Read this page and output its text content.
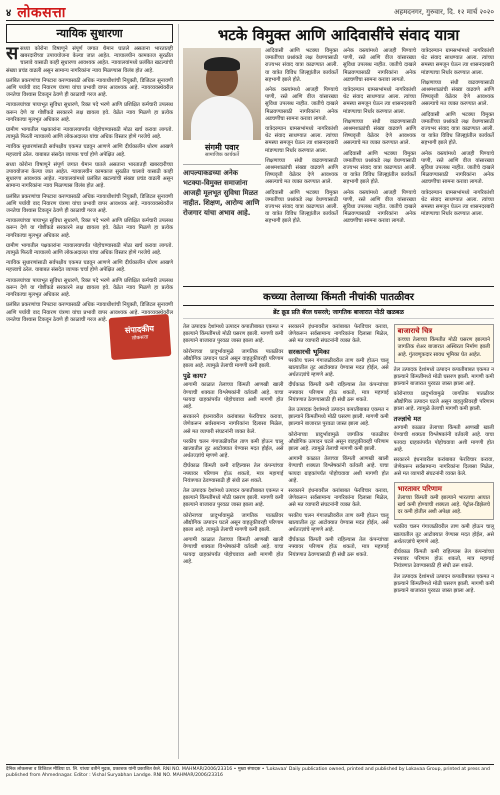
४ लोकसत्ता	अहमदनगर, गुरुवार, दि. १२ मार्च २०२०
न्यायिक सुधारणा

ससध्या कोरोना विषाणूने संपूर्ण जगात थैमान घातले असताना भारतातही खबरदारीच्या उपाययोजना केल्या जात आहेत. न्यायालयीन कामकाज सुरळीत चालावे यासाठी काही सुधारणा आवश्यक आहेत. न्यायालयांमध्ये प्रलंबित खटल्यांची संख्या प्रचंड वाढली असून सामान्य नागरिकांना न्याय मिळण्यास विलंब होत आहे.

प्रलंबित प्रकरणांचा निपटारा करण्यासाठी अधिक न्यायाधीशांची नियुक्ती, डिजिटल सुनावणी आणि पर्यायी वाद निवारण यंत्रणा यांचा प्रभावी वापर आवश्यक आहे. न्यायव्यवस्थेवरील जनतेचा विश्वास टिकवून ठेवणे ही काळाची गरज आहे.

न्यायालयांच्या पायाभूत सुविधा सुधारणे, रिक्त पदे भरणे आणि प्रशिक्षित कर्मचारी उपलब्ध करून देणे या गोष्टींकडे सरकारने लक्ष द्यायला हवे. वेळेत न्याय मिळणे हा प्रत्येक नागरिकाचा मूलभूत अधिकार आहे.

ग्रामीण भागातील पक्षकारांना न्यायालयापर्यंत पोहोचण्यासाठी मोठा खर्च करावा लागतो. त्यामुळे फिरती न्यायालये आणि लोकअदालत यांचा अधिक विस्तार होणे गरजेचे आहे.

न्यायिक सुधारणांसाठी सर्वपक्षीय एकमत घडवून आणणे आणि दीर्घकालीन धोरण आखणे महत्त्वाचे ठरेल. याबाबत संसदेत व्यापक चर्चा होणे अपेक्षित आहे.

सध्या कोरोना विषाणूने संपूर्ण जगात थैमान घातले असताना भारतातही खबरदारीच्या उपाययोजना केल्या जात आहेत. न्यायालयीन कामकाज सुरळीत चालावे यासाठी काही सुधारणा आवश्यक आहेत. न्यायालयांमध्ये प्रलंबित खटल्यांची संख्या प्रचंड वाढली असून सामान्य नागरिकांना न्याय मिळण्यास विलंब होत आहे.

प्रलंबित प्रकरणांचा निपटारा करण्यासाठी अधिक न्यायाधीशांची नियुक्ती, डिजिटल सुनावणी आणि पर्यायी वाद निवारण यंत्रणा यांचा प्रभावी वापर आवश्यक आहे. न्यायव्यवस्थेवरील जनतेचा विश्वास टिकवून ठेवणे ही काळाची गरज आहे.

न्यायालयांच्या पायाभूत सुविधा सुधारणे, रिक्त पदे भरणे आणि प्रशिक्षित कर्मचारी उपलब्ध करून देणे या गोष्टींकडे सरकारने लक्ष द्यायला हवे. वेळेत न्याय मिळणे हा प्रत्येक नागरिकाचा मूलभूत अधिकार आहे.

ग्रामीण भागातील पक्षकारांना न्यायालयापर्यंत पोहोचण्यासाठी मोठा खर्च करावा लागतो. त्यामुळे फिरती न्यायालये आणि लोकअदालत यांचा अधिक विस्तार होणे गरजेचे आहे.

न्यायिक सुधारणांसाठी सर्वपक्षीय एकमत घडवून आणणे आणि दीर्घकालीन धोरण आखणे महत्त्वाचे ठरेल. याबाबत संसदेत व्यापक चर्चा होणे अपेक्षित आहे.

न्यायालयांच्या पायाभूत सुविधा सुधारणे, रिक्त पदे भरणे आणि प्रशिक्षित कर्मचारी उपलब्ध करून देणे या गोष्टींकडे सरकारने लक्ष द्यायला हवे. वेळेत न्याय मिळणे हा प्रत्येक नागरिकाचा मूलभूत अधिकार आहे.

प्रलंबित प्रकरणांचा निपटारा करण्यासाठी अधिक न्यायाधीशांची नियुक्ती, डिजिटल सुनावणी आणि पर्यायी वाद निवारण यंत्रणा यांचा प्रभावी वापर आवश्यक आहे. न्यायव्यवस्थेवरील जनतेचा विश्वास टिकवून ठेवणे ही काळाची गरज आहे.

संपादकीय
लोकसत्ता
भटके विमुक्त आणि आदिवासींचे संवाद यात्रा
संगमी पवार
सामाजिक कार्यकर्ते
आपल्याकडच्या अनेक भटक्या-विमुक्त समाजांना आजही मूलभूत सुविधा मिळत नाहीत. शिक्षण, आरोग्य आणि रोजगार यांचा अभाव आहे.

आदिवासी आणि भटक्या विमुक्त जमातींच्या प्रश्नांकडे लक्ष वेधण्यासाठी राज्यभर संवाद यात्रा काढण्यात आली. या यात्रेत विविध जिल्ह्यांतील कार्यकर्ते सहभागी झाले होते.

अनेक वस्त्यांमध्ये आजही पिण्याचे पाणी, रस्ते आणि वीज यांसारख्या सुविधा उपलब्ध नाहीत. जातीचे दाखले मिळवण्यासाठी नागरिकांना अनेक अडचणींचा सामना करावा लागतो.

यात्रेदरम्यान ग्रामसभांमध्ये नागरिकांशी थेट संवाद साधण्यात आला. त्यांच्या समस्या समजून घेऊन त्या शासनदरबारी मांडण्याचा निर्धार करण्यात आला.

शिक्षणाच्या संधी वाढवण्यासाठी आश्रमशाळांची संख्या वाढवणे आणि शिष्यवृत्ती वेळेवर देणे आवश्यक असल्याचे मत व्यक्त करण्यात आले.

आदिवासी आणि भटक्या विमुक्त जमातींच्या प्रश्नांकडे लक्ष वेधण्यासाठी राज्यभर संवाद यात्रा काढण्यात आली. या यात्रेत विविध जिल्ह्यांतील कार्यकर्ते सहभागी झाले होते.

अनेक वस्त्यांमध्ये आजही पिण्याचे पाणी, रस्ते आणि वीज यांसारख्या सुविधा उपलब्ध नाहीत. जातीचे दाखले मिळवण्यासाठी नागरिकांना अनेक अडचणींचा सामना करावा लागतो.

यात्रेदरम्यान ग्रामसभांमध्ये नागरिकांशी थेट संवाद साधण्यात आला. त्यांच्या समस्या समजून घेऊन त्या शासनदरबारी मांडण्याचा निर्धार करण्यात आला.

शिक्षणाच्या संधी वाढवण्यासाठी आश्रमशाळांची संख्या वाढवणे आणि शिष्यवृत्ती वेळेवर देणे आवश्यक असल्याचे मत व्यक्त करण्यात आले.

आदिवासी आणि भटक्या विमुक्त जमातींच्या प्रश्नांकडे लक्ष वेधण्यासाठी राज्यभर संवाद यात्रा काढण्यात आली. या यात्रेत विविध जिल्ह्यांतील कार्यकर्ते सहभागी झाले होते.

अनेक वस्त्यांमध्ये आजही पिण्याचे पाणी, रस्ते आणि वीज यांसारख्या सुविधा उपलब्ध नाहीत. जातीचे दाखले मिळवण्यासाठी नागरिकांना अनेक अडचणींचा सामना करावा लागतो.

यात्रेदरम्यान ग्रामसभांमध्ये नागरिकांशी थेट संवाद साधण्यात आला. त्यांच्या समस्या समजून घेऊन त्या शासनदरबारी मांडण्याचा निर्धार करण्यात आला.

शिक्षणाच्या संधी वाढवण्यासाठी आश्रमशाळांची संख्या वाढवणे आणि शिष्यवृत्ती वेळेवर देणे आवश्यक असल्याचे मत व्यक्त करण्यात आले.

आदिवासी आणि भटक्या विमुक्त जमातींच्या प्रश्नांकडे लक्ष वेधण्यासाठी राज्यभर संवाद यात्रा काढण्यात आली. या यात्रेत विविध जिल्ह्यांतील कार्यकर्ते सहभागी झाले होते.

अनेक वस्त्यांमध्ये आजही पिण्याचे पाणी, रस्ते आणि वीज यांसारख्या सुविधा उपलब्ध नाहीत. जातीचे दाखले मिळवण्यासाठी नागरिकांना अनेक अडचणींचा सामना करावा लागतो.

यात्रेदरम्यान ग्रामसभांमध्ये नागरिकांशी थेट संवाद साधण्यात आला. त्यांच्या समस्या समजून घेऊन त्या शासनदरबारी मांडण्याचा निर्धार करण्यात आला.

कच्च्या तेलाच्या किंमती नीचांकी पातळीवर
ब्रेंट क्रूड प्रति बॅरल घसरले; जागतिक बाजारात मोठी खळबळ

तेल उत्पादक देशांमध्ये उत्पादन कपातीबाबत एकमत न झाल्याने किंमतींमध्ये मोठी घसरण झाली. मागणी कमी झाल्याने बाजारात पुरवठा जास्त झाला आहे.

कोरोनाच्या प्रादुर्भावामुळे जागतिक पातळीवर औद्योगिक उत्पादन घटले असून वाहतुकीवरही परिणाम झाला आहे. त्यामुळे तेलाची मागणी कमी झाली.

पुढे काय?

आगामी काळात तेलाच्या किंमती आणखी खाली येण्याची शक्यता विश्लेषकांनी वर्तवली आहे. याचा फायदा ग्राहकांपर्यंत पोहोचवावा अशी मागणी होत आहे.

सरकारने इंधनावरील करांबाबत फेरविचार करावा, जेणेकरून सर्वसामान्य नागरिकांना दिलासा मिळेल, असे मत व्यापारी संघटनांनी व्यक्त केले.

परकीय चलन गंगाजळीवरील ताण कमी होऊन चालू खात्यातील तूट आटोक्यात येण्यास मदत होईल, असे अर्थतज्ज्ञांचे म्हणणे आहे.

दीर्घकाळ किंमती कमी राहिल्यास तेल कंपन्यांच्या नफ्यावर परिणाम होऊ शकतो, मात्र महागाई नियंत्रणात ठेवण्यासाठी ही संधी ठरू शकते.

तेल उत्पादक देशांमध्ये उत्पादन कपातीबाबत एकमत न झाल्याने किंमतींमध्ये मोठी घसरण झाली. मागणी कमी झाल्याने बाजारात पुरवठा जास्त झाला आहे.

कोरोनाच्या प्रादुर्भावामुळे जागतिक पातळीवर औद्योगिक उत्पादन घटले असून वाहतुकीवरही परिणाम झाला आहे. त्यामुळे तेलाची मागणी कमी झाली.

आगामी काळात तेलाच्या किंमती आणखी खाली येण्याची शक्यता विश्लेषकांनी वर्तवली आहे. याचा फायदा ग्राहकांपर्यंत पोहोचवावा अशी मागणी होत आहे.

सरकारने इंधनावरील करांबाबत फेरविचार करावा, जेणेकरून सर्वसामान्य नागरिकांना दिलासा मिळेल, असे मत व्यापारी संघटनांनी व्यक्त केले.

सरकारची भूमिका

परकीय चलन गंगाजळीवरील ताण कमी होऊन चालू खात्यातील तूट आटोक्यात येण्यास मदत होईल, असे अर्थतज्ज्ञांचे म्हणणे आहे.

दीर्घकाळ किंमती कमी राहिल्यास तेल कंपन्यांच्या नफ्यावर परिणाम होऊ शकतो, मात्र महागाई नियंत्रणात ठेवण्यासाठी ही संधी ठरू शकते.

तेल उत्पादक देशांमध्ये उत्पादन कपातीबाबत एकमत न झाल्याने किंमतींमध्ये मोठी घसरण झाली. मागणी कमी झाल्याने बाजारात पुरवठा जास्त झाला आहे.

कोरोनाच्या प्रादुर्भावामुळे जागतिक पातळीवर औद्योगिक उत्पादन घटले असून वाहतुकीवरही परिणाम झाला आहे. त्यामुळे तेलाची मागणी कमी झाली.

आगामी काळात तेलाच्या किंमती आणखी खाली येण्याची शक्यता विश्लेषकांनी वर्तवली आहे. याचा फायदा ग्राहकांपर्यंत पोहोचवावा अशी मागणी होत आहे.

सरकारने इंधनावरील करांबाबत फेरविचार करावा, जेणेकरून सर्वसामान्य नागरिकांना दिलासा मिळेल, असे मत व्यापारी संघटनांनी व्यक्त केले.

परकीय चलन गंगाजळीवरील ताण कमी होऊन चालू खात्यातील तूट आटोक्यात येण्यास मदत होईल, असे अर्थतज्ज्ञांचे म्हणणे आहे.

दीर्घकाळ किंमती कमी राहिल्यास तेल कंपन्यांच्या नफ्यावर परिणाम होऊ शकतो, मात्र महागाई नियंत्रणात ठेवण्यासाठी ही संधी ठरू शकते.

बाजाराचे चित्र
कच्च्या तेलाच्या किंमतीत मोठी घसरण झाल्याने जागतिक शेअर बाजारात अस्थिरता निर्माण झाली आहे. गुंतवणूकदार सावध भूमिका घेत आहेत.

तेल उत्पादक देशांमध्ये उत्पादन कपातीबाबत एकमत न झाल्याने किंमतींमध्ये मोठी घसरण झाली. मागणी कमी झाल्याने बाजारात पुरवठा जास्त झाला आहे.

कोरोनाच्या प्रादुर्भावामुळे जागतिक पातळीवर औद्योगिक उत्पादन घटले असून वाहतुकीवरही परिणाम झाला आहे. त्यामुळे तेलाची मागणी कमी झाली.

तज्ज्ञांचे मत

आगामी काळात तेलाच्या किंमती आणखी खाली येण्याची शक्यता विश्लेषकांनी वर्तवली आहे. याचा फायदा ग्राहकांपर्यंत पोहोचवावा अशी मागणी होत आहे.

सरकारने इंधनावरील करांबाबत फेरविचार करावा, जेणेकरून सर्वसामान्य नागरिकांना दिलासा मिळेल, असे मत व्यापारी संघटनांनी व्यक्त केले.

भारतावर परिणाम
तेलाच्या किंमती कमी झाल्याने भारताचा आयात खर्च कमी होण्याची शक्यता आहे. पेट्रोल-डिझेलचे दर कमी होतील अशी अपेक्षा आहे.

परकीय चलन गंगाजळीवरील ताण कमी होऊन चालू खात्यातील तूट आटोक्यात येण्यास मदत होईल, असे अर्थतज्ज्ञांचे म्हणणे आहे.

दीर्घकाळ किंमती कमी राहिल्यास तेल कंपन्यांच्या नफ्यावर परिणाम होऊ शकतो, मात्र महागाई नियंत्रणात ठेवण्यासाठी ही संधी ठरू शकते.

तेल उत्पादक देशांमध्ये उत्पादन कपातीबाबत एकमत न झाल्याने किंमतींमध्ये मोठी घसरण झाली. मागणी कमी झाल्याने बाजारात पुरवठा जास्त झाला आहे.

दैनिक लोकसत्ता व डिजिटल मीडिया प्रा. लि. यांच्या वतीने मुद्रक, प्रकाशक यांनी प्रकाशित केले. RNI NO. MAHMAR/2006/23316 • मुख्य संपादक • 'Lokavaa' Daily publication owned, printed and published by Lokavaa Group, printed at press and published from Ahmednagar. Editor : Vishal Suryabhan Landge. RNI NO. MAHMAR/2006/23316
